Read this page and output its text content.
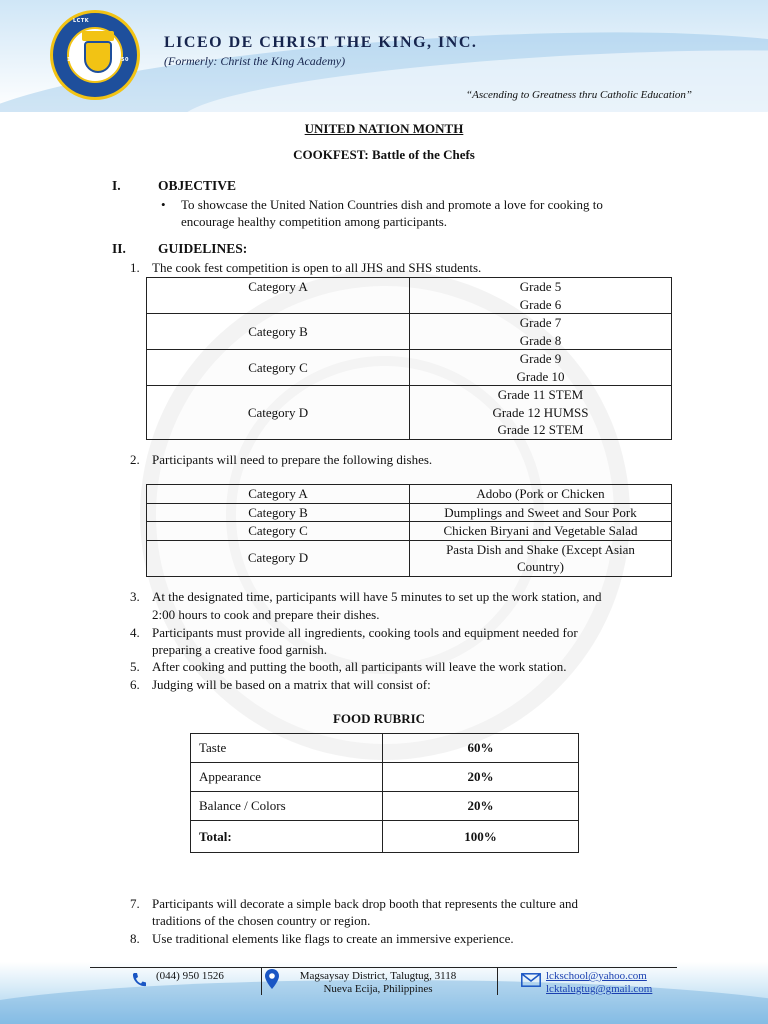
LCTK
19	50
LICEO DE CHRIST THE KING, INC.
(Formerly: Christ the King Academy)
“Ascending to Greatness thru Catholic Education”
UNITED NATION MONTH
COOKFEST: Battle of the Chefs
I.	OBJECTIVE
• To showcase the United Nation Countries dish and promote a love for cooking to
encourage healthy competition among participants.
II. GUIDELINES:
1. The cook fest competition is open to all JHS and SHS students.
Category A	Grade 5
Grade 6

Category B	Grade 7
Grade 8

Category C	Grade 9
Grade 10

Category D	Grade 11 STEM
Grade 12 HUMSS
Grade 12 STEM
2. Participants will need to prepare the following dishes.
Category A	Adobo (Pork or Chicken
Category B	Dumplings and Sweet and Sour Pork
Category C	Chicken Biryani and Vegetable Salad
Category D	Pasta Dish and Shake (Except Asian
Country)
3. At the designated time, participants will have 5 minutes to set up the work station, and
2:00 hours to cook and prepare their dishes.
4. Participants must provide all ingredients, cooking tools and equipment needed for
preparing a creative food garnish.
5. After cooking and putting the booth, all participants will leave the work station.
6. Judging will be based on a matrix that will consist of:
FOOD RUBRIC
Taste	60%
Appearance	20%
Balance / Colors	20%
Total:	100%
7. Participants will decorate a simple back drop booth that represents the culture and
traditions of the chosen country or region.
8. Use traditional elements like flags to create an immersive experience.
(044) 950 1526	Magsaysay District, Talugtug, 3118
Nueva Ecija, Philippines
lckschool@yahoo.com
lcktalugtug@gmail.com
